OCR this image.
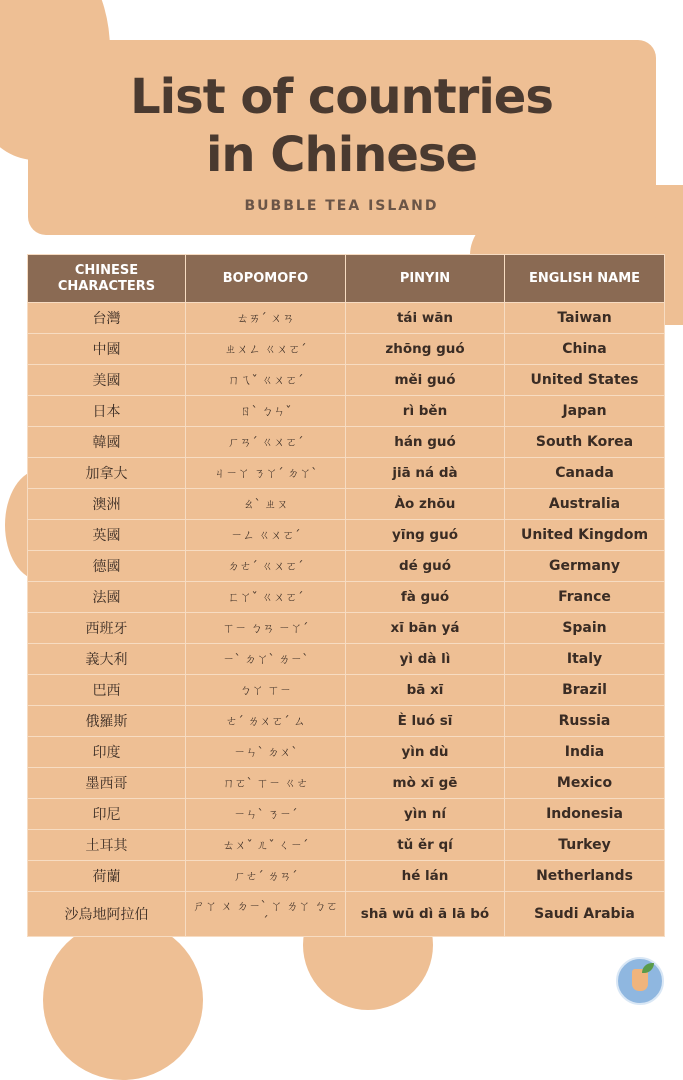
List of countries
in Chinese
BUBBLE TEA ISLAND
CHINESE CHARACTERS	BOPOMOFO	PINYIN	ENGLISH NAME
台灣	ㄊㄞˊ ㄨㄢ	tái wān	Taiwan
中國	ㄓㄨㄥ ㄍㄨㄛˊ	zhōng guó	China
美國	ㄇㄟˇ ㄍㄨㄛˊ	měi guó	United States
日本	ㄖˋ ㄅㄣˇ	rì běn	Japan
韓國	ㄏㄢˊ ㄍㄨㄛˊ	hán guó	South Korea
加拿大	ㄐㄧㄚ ㄋㄚˊ ㄉㄚˋ	jiā ná dà	Canada
澳洲	ㄠˋ ㄓㄡ	Ào zhōu	Australia
英國	ㄧㄥ ㄍㄨㄛˊ	yīng guó	United Kingdom
德國	ㄉㄜˊ ㄍㄨㄛˊ	dé guó	Germany
法國	ㄈㄚˇ ㄍㄨㄛˊ	fà guó	France
西班牙	ㄒㄧ ㄅㄢ ㄧㄚˊ	xī bān yá	Spain
義大利	ㄧˋ ㄉㄚˋ ㄌㄧˋ	yì dà lì	Italy
巴西	ㄅㄚ ㄒㄧ	bā xī	Brazil
俄羅斯	ㄜˊ ㄌㄨㄛˊ ㄙ	È luó sī	Russia
印度	ㄧㄣˋ ㄉㄨˋ	yìn dù	India
墨西哥	ㄇㄛˋ ㄒㄧ ㄍㄜ	mò xī gē	Mexico
印尼	ㄧㄣˋ ㄋㄧˊ	yìn ní	Indonesia
土耳其	ㄊㄨˇ ㄦˇ ㄑㄧˊ	tǔ ěr qí	Turkey
荷蘭	ㄏㄜˊ ㄌㄢˊ	hé lán	Netherlands
沙烏地阿拉伯	ㄕㄚ ㄨ ㄉㄧˋ ㄚ ㄌㄚ ㄅㄛˊ	shā wū dì ā lā bó	Saudi Arabia
